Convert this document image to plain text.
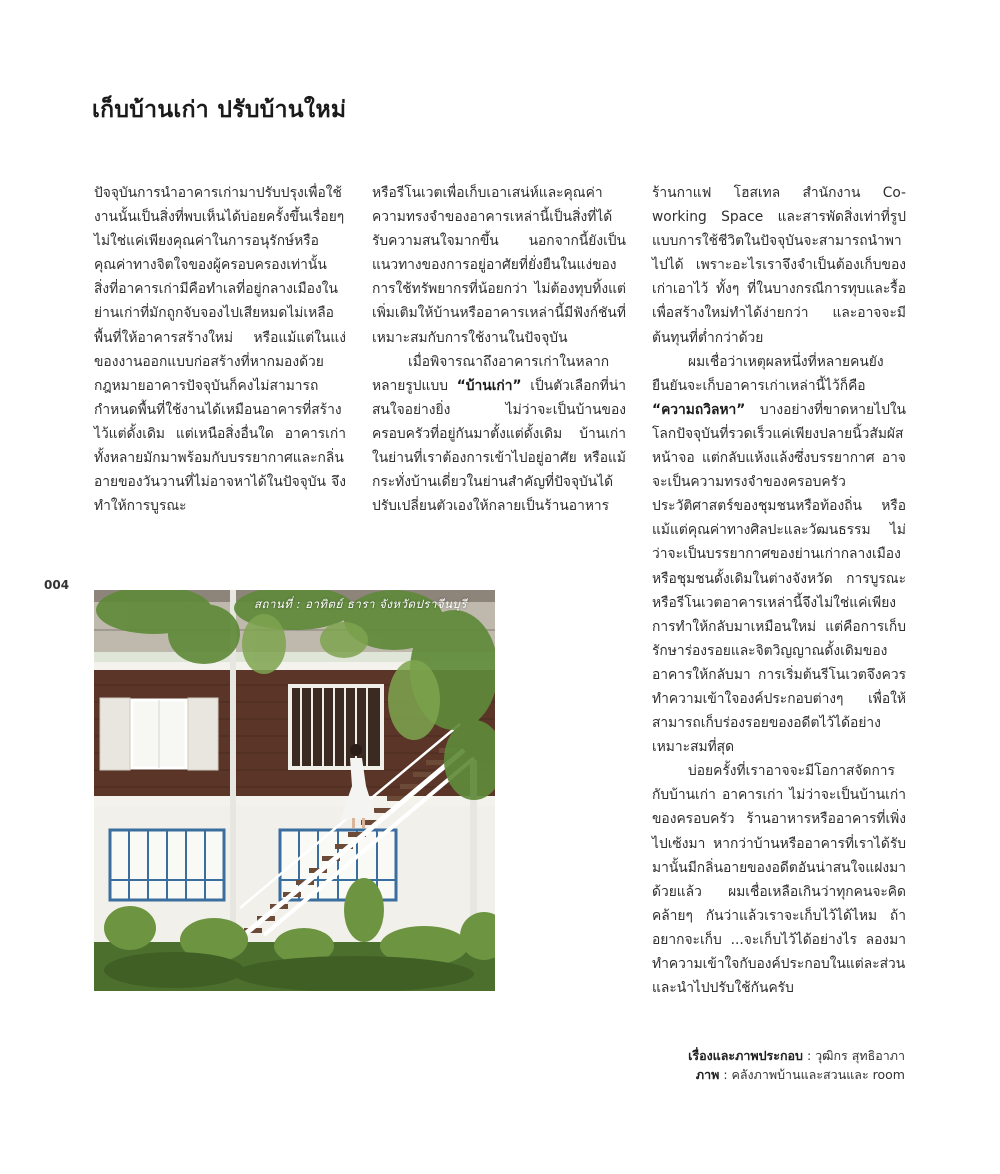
เก็บบ้านเก่า ปรับบ้านใหม่

ปัจจุบันการนำอาคารเก่ามาปรับปรุงเพื่อใช้งานนั้นเป็นสิ่งที่พบเห็นได้บ่อยครั้งขึ้นเรื่อยๆ ไม่ใช่แค่เพียงคุณค่าในการอนุรักษ์หรือคุณค่าทางจิตใจของผู้ครอบครองเท่านั้น สิ่งที่อาคารเก่ามีคือทำเลที่อยู่กลางเมืองในย่านเก่าที่มักถูกจับจองไปเสียหมดไม่เหลือพื้นที่ให้อาคารสร้างใหม่ หรือแม้แต่ในแง่ของงานออกแบบก่อสร้างที่หากมองด้วยกฎหมายอาคารปัจจุบันก็คงไม่สามารถกำหนดพื้นที่ใช้งานได้เหมือนอาคารที่สร้างไว้แต่ดั้งเดิม แต่เหนือสิ่งอื่นใด อาคารเก่าทั้งหลายมักมาพร้อมกับบรรยากาศและกลิ่นอายของวันวานที่ไม่อาจหาได้ในปัจจุบัน จึงทำให้การบูรณะ

หรือรีโนเวตเพื่อเก็บเอาเสน่ห์และคุณค่าความทรงจำของอาคารเหล่านี้เป็นสิ่งที่ได้รับความสนใจมากขึ้น นอกจากนี้ยังเป็นแนวทางของการอยู่อาศัยที่ยั่งยืนในแง่ของการใช้ทรัพยากรที่น้อยกว่า ไม่ต้องทุบทิ้งแต่เพิ่มเติมให้บ้านหรืออาคารเหล่านี้มีฟังก์ชันที่เหมาะสมกับการใช้งานในปัจจุบัน

เมื่อพิจารณาถึงอาคารเก่าในหลากหลายรูปแบบ “บ้านเก่า” เป็นตัวเลือกที่น่าสนใจอย่างยิ่ง ไม่ว่าจะเป็นบ้านของครอบครัวที่อยู่กันมาตั้งแต่ดั้งเดิม บ้านเก่าในย่านที่เราต้องการเข้าไปอยู่อาศัย หรือแม้กระทั่งบ้านเดี่ยวในย่านสำคัญที่ปัจจุบันได้ปรับเปลี่ยนตัวเองให้กลายเป็นร้านอาหาร

ร้านกาแฟ โฮสเทล สำนักงาน Co-working Space และสารพัดสิ่งเท่าที่รูปแบบการใช้ชีวิตในปัจจุบันจะสามารถนำพาไปได้ เพราะอะไรเราจึงจำเป็นต้องเก็บของเก่าเอาไว้ ทั้งๆ ที่ในบางกรณีการทุบและรื้อเพื่อสร้างใหม่ทำได้ง่ายกว่า และอาจจะมีต้นทุนที่ต่ำกว่าด้วย

ผมเชื่อว่าเหตุผลหนึ่งที่หลายคนยังยืนยันจะเก็บอาคารเก่าเหล่านี้ไว้ก็คือ “ความถวิลหา” บางอย่างที่ขาดหายไปในโลกปัจจุบันที่รวดเร็วแค่เพียงปลายนิ้วสัมผัสหน้าจอ แต่กลับแห้งแล้งซึ่งบรรยากาศ อาจจะเป็นความทรงจำของครอบครัว ประวัติศาสตร์ของชุมชนหรือท้องถิ่น หรือแม้แต่คุณค่าทางศิลปะและวัฒนธรรม ไม่ว่าจะเป็นบรรยากาศของย่านเก่ากลางเมืองหรือชุมชนดั้งเดิมในต่างจังหวัด การบูรณะหรือรีโนเวตอาคารเหล่านี้จึงไม่ใช่แค่เพียงการทำให้กลับมาเหมือนใหม่ แต่คือการเก็บรักษาร่องรอยและจิตวิญญาณดั้งเดิมของอาคารให้กลับมา การเริ่มต้นรีโนเวตจึงควรทำความเข้าใจองค์ประกอบต่างๆ เพื่อให้สามารถเก็บร่องรอยของอดีตไว้ได้อย่างเหมาะสมที่สุด

บ่อยครั้งที่เราอาจจะมีโอกาสจัดการกับบ้านเก่า อาคารเก่า ไม่ว่าจะเป็นบ้านเก่าของครอบครัว ร้านอาหารหรืออาคารที่เพิ่งไปเซ้งมา หากว่าบ้านหรืออาคารที่เราได้รับมานั้นมีกลิ่นอายของอดีตอันน่าสนใจแฝงมาด้วยแล้ว ผมเชื่อเหลือเกินว่าทุกคนจะคิดคล้ายๆ กันว่าแล้วเราจะเก็บไว้ได้ไหม ถ้าอยากจะเก็บ ...จะเก็บไว้ได้อย่างไร ลองมาทำความเข้าใจกับองค์ประกอบในแต่ละส่วนและนำไปปรับใช้กันครับ

004
สถานที่ : อาทิตย์ ธารา จังหวัดปราจีนบุรี
เรื่องและภาพประกอบ : วุฒิกร สุทธิอาภา
ภาพ : คลังภาพบ้านและสวนและ room
